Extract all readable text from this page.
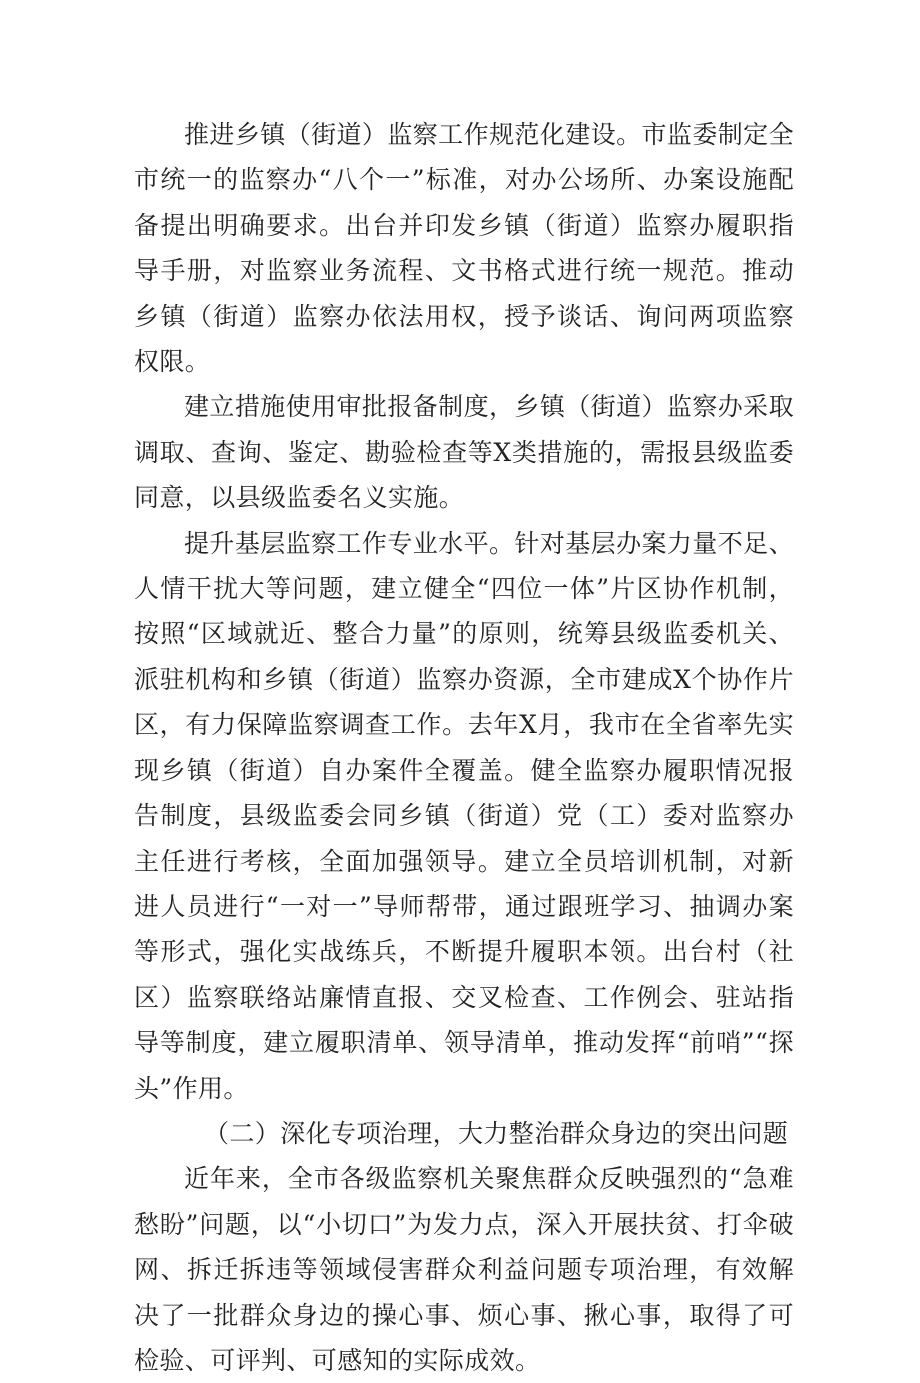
推进乡镇（街道）监察工作规范化建设。市监委制定全市统一的监察办“八个一”标准，对办公场所、办案设施配备提出明确要求。出台并印发乡镇（街道）监察办履职指导手册，对监察业务流程、文书格式进行统一规范。推动乡镇（街道）监察办依法用权，授予谈话、询问两项监察权限。

建立措施使用审批报备制度，乡镇（街道）监察办采取调取、查询、鉴定、勘验检查等X类措施的，需报县级监委同意，以县级监委名义实施。

提升基层监察工作专业水平。针对基层办案力量不足、人情干扰大等问题，建立健全“四位一体”片区协作机制，按照“区域就近、整合力量”的原则，统筹县级监委机关、派驻机构和乡镇（街道）监察办资源，全市建成X个协作片区，有力保障监察调查工作。去年X月，我市在全省率先实现乡镇（街道）自办案件全覆盖。健全监察办履职情况报告制度，县级监委会同乡镇（街道）党（工）委对监察办主任进行考核，全面加强领导。建立全员培训机制，对新进人员进行“一对一”导师帮带，通过跟班学习、抽调办案等形式，强化实战练兵，不断提升履职本领。出台村（社区）监察联络站廉情直报、交叉检查、工作例会、驻站指导等制度，建立履职清单、领导清单，推动发挥“前哨”“探头”作用。

（二）深化专项治理，大力整治群众身边的突出问题

近年来，全市各级监察机关聚焦群众反映强烈的“急难愁盼”问题，以“小切口”为发力点，深入开展扶贫、打伞破网、拆迁拆违等领域侵害群众利益问题专项治理，有效解决了一批群众身边的操心事、烦心事、揪心事，取得了可检验、可评判、可感知的实际成效。
